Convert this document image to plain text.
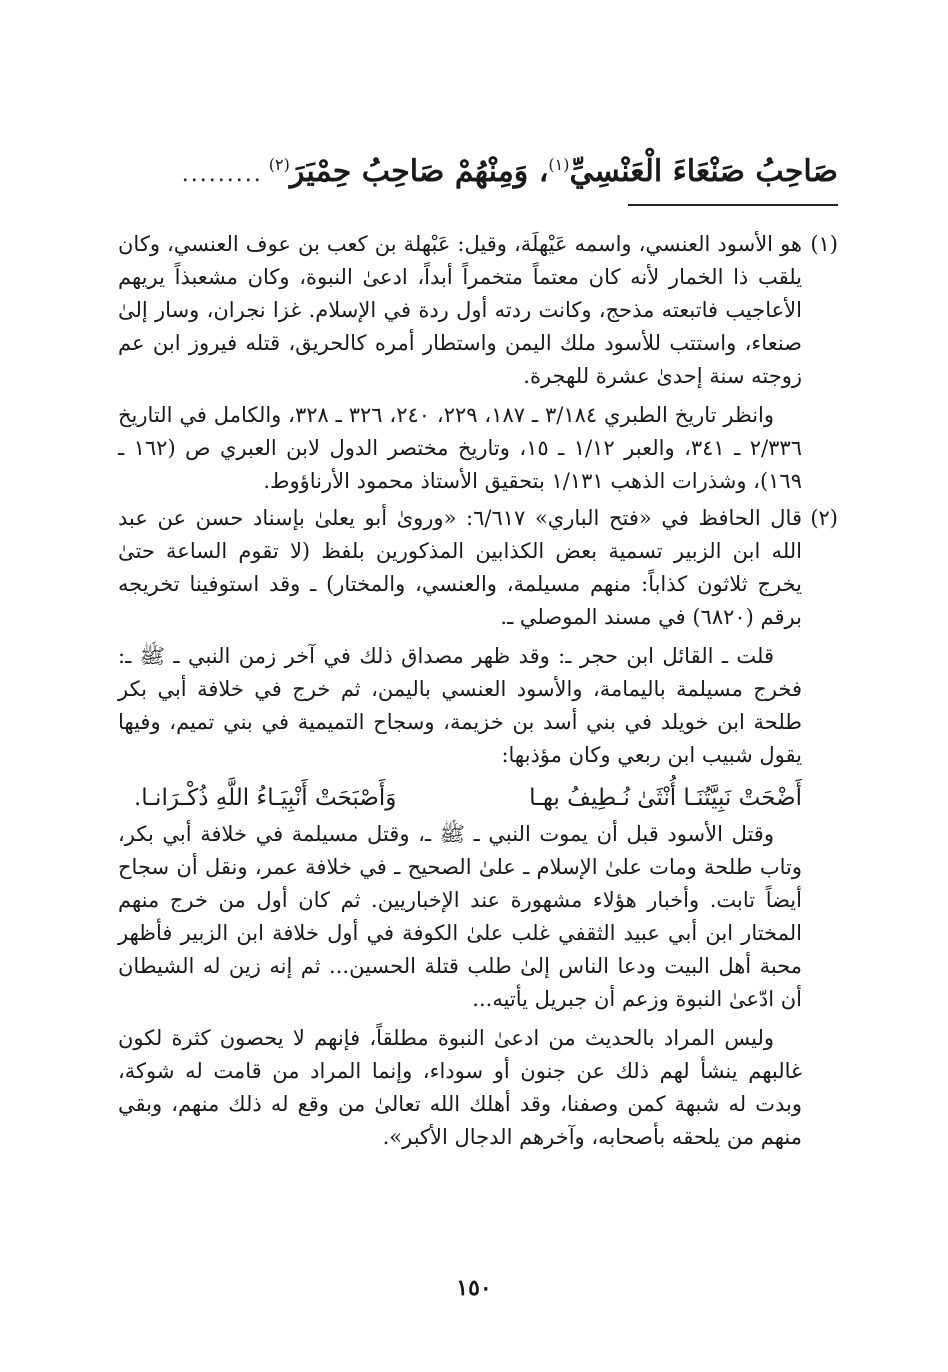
صَاحِبُ صَنْعَاءَ الْعَنْسِيِّ$^{(١)}$، وَمِنْهُمْ صَاحِبُ حِمْيَرَ$^{(٢)}$
.........
(١)

هو الأسود العنسي، واسمه عَيْهلَة، وقيل: عَبْهلة بن كعب بن عوف العنسي، وكان يلقب ذا الخمار لأنه كان معتماً متخمراً أبداً، ادعىٰ النبوة، وكان مشعبذاً يريهم الأعاجيب فاتبعته مذحج، وكانت ردته أول ردة في الإسلام. غزا نجران، وسار إلىٰ صنعاء، واستتب للأسود ملك اليمن واستطار أمره كالحريق، قتله فيروز ابن عم زوجته سنة إحدىٰ عشرة للهجرة.

وانظر تاريخ الطبري ٣/١٨٤ ـ ١٨٧، ٢٢٩، ٢٤٠، ٣٢٦ ـ ٣٢٨، والكامل في التاريخ ٢/٣٣٦ ـ ٣٤١، والعبر ١/١٢ ـ ١٥، وتاريخ مختصر الدول لابن العبري ص (١٦٢ ـ ١٦٩)، وشذرات الذهب ١/١٣١ بتحقيق الأستاذ محمود الأرناؤوط.

(٢)

قال الحافظ في «فتح الباري» ٦/٦١٧: «وروىٰ أبو يعلىٰ بإسناد حسن عن عبد الله ابن الزبير تسمية بعض الكذابين المذكورين بلفظ (لا تقوم الساعة حتىٰ يخرج ثلاثون كذاباً: منهم مسيلمة، والعنسي، والمختار) ـ وقد استوفينا تخريجه برقم (٦٨٢٠) في مسند الموصلي ـ.

قلت ـ القائل ابن حجر ـ: وقد ظهر مصداق ذلك في آخر زمن النبي ـ ﷺ ـ: فخرج مسيلمة باليمامة، والأسود العنسي باليمن، ثم خرج في خلافة أبي بكر طلحة ابن خويلد في بني أسد بن خزيمة، وسجاح التميمية في بني تميم، وفيها يقول شبيب ابن ربعي وكان مؤذبها:

أَضْحَتْ نَبِيَّتُنَـا أُنْثَىٰ نُـطِيفُ بهـا
وَأَصْبَحَتْ أَنْبِيَـاءُ اللَّهِ ذُكْـرَانـا.

وقتل الأسود قبل أن يموت النبي ـ ﷺ ـ، وقتل مسيلمة في خلافة أبي بكر، وتاب طلحة ومات علىٰ الإسلام ـ علىٰ الصحيح ـ في خلافة عمر، ونقل أن سجاح أيضاً تابت. وأخبار هؤلاء مشهورة عند الإخباريين. ثم كان أول من خرج منهم المختار ابن أبي عبيد الثقفي غلب علىٰ الكوفة في أول خلافة ابن الزبير فأظهر محبة أهل البيت ودعا الناس إلىٰ طلب قتلة الحسين... ثم إنه زين له الشيطان أن ادّعىٰ النبوة وزعم أن جبريل يأتيه...

وليس المراد بالحديث من ادعىٰ النبوة مطلقاً، فإنهم لا يحصون كثرة لكون غالبهم ينشأ لهم ذلك عن جنون أو سوداء، وإنما المراد من قامت له شوكة، وبدت له شبهة كمن وصفنا، وقد أهلك الله تعالىٰ من وقع له ذلك منهم، وبقي منهم من يلحقه بأصحابه، وآخرهم الدجال الأكبر».

١٥٠
